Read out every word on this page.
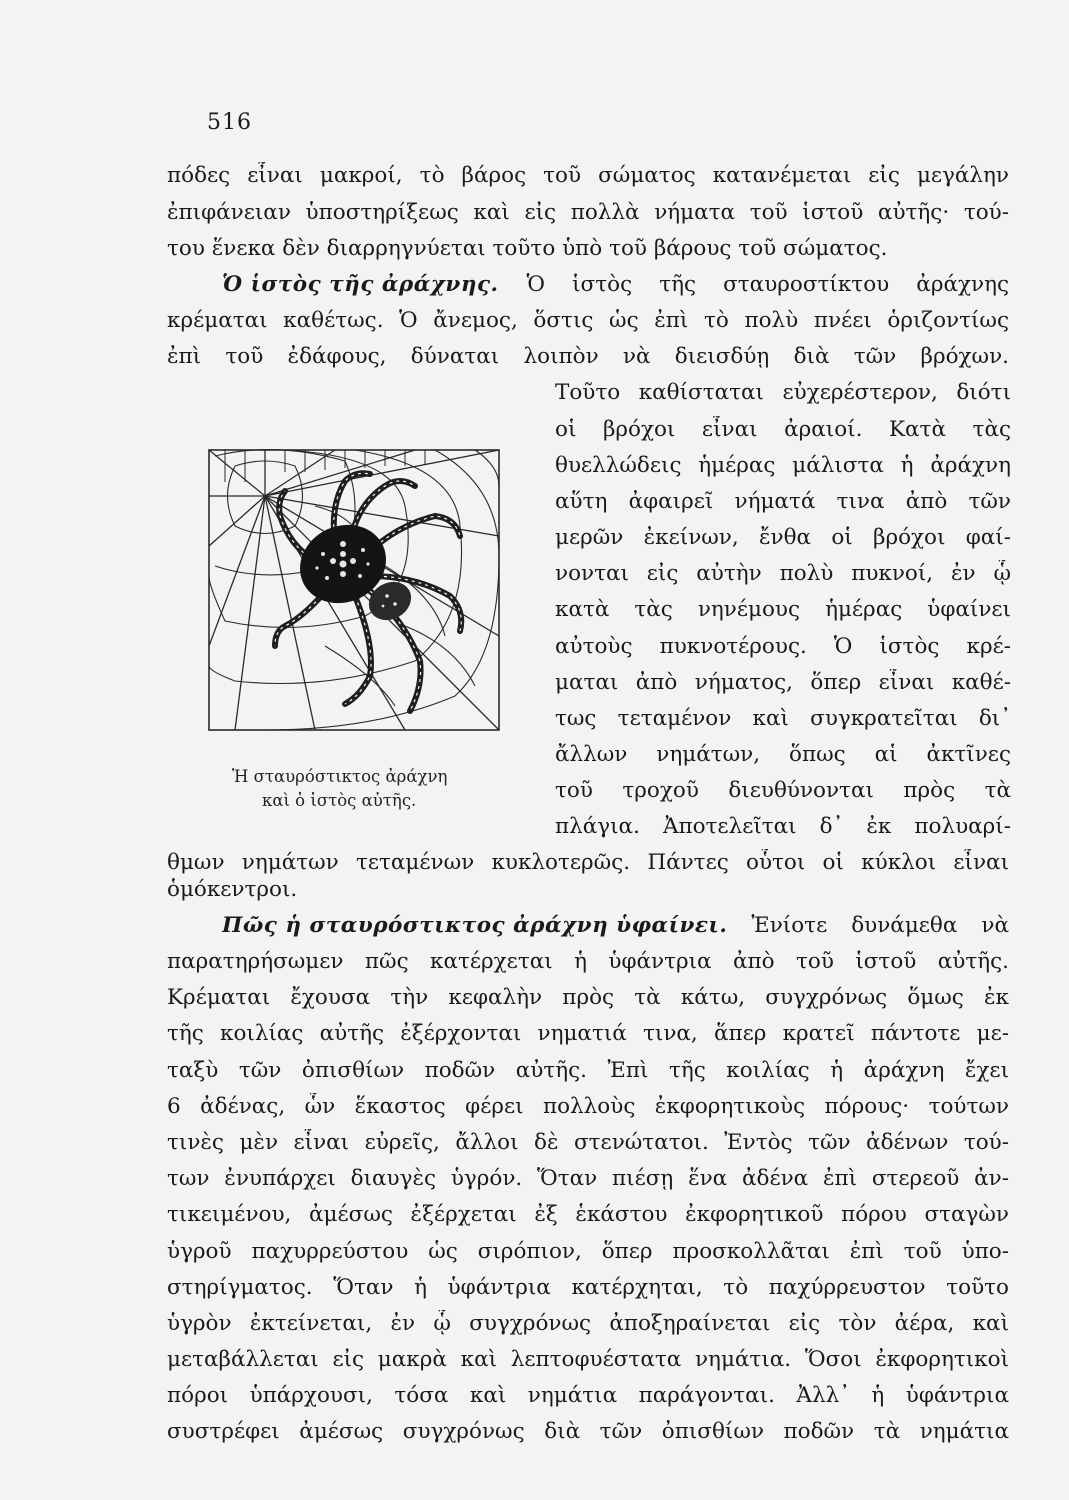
516
πόδες εἶναι μακροί, τὸ βάρος τοῦ σώματος κατανέμεται εἰς μεγάλην
ἐπιφάνειαν ὑποστηρίξεως καὶ εἰς πολλὰ νήματα τοῦ ἱστοῦ αὐτῆς· τού-
του ἕνεκα δὲν διαρρηγνύεται τοῦτο ὑπὸ τοῦ βάρους τοῦ σώματος.
Ὁ ἱστὸς τῆς ἀράχνης. Ὁ ἱστὸς τῆς σταυροστίκτου ἀράχνης
κρέμαται καθέτως. Ὁ ἄνεμος, ὅστις ὡς ἐπὶ τὸ πολὺ πνέει ὁριζοντίως
ἐπὶ τοῦ ἐδάφους, δύναται λοιπὸν νὰ διεισδύῃ διὰ τῶν βρόχων.
Τοῦτο καθίσταται εὐχερέστερον, διότι
οἱ βρόχοι εἶναι ἀραιοί. Κατὰ τὰς
θυελλώδεις ἡμέρας μάλιστα ἡ ἀράχνη
αὕτη ἀφαιρεῖ νήματά τινα ἀπὸ τῶν
μερῶν ἐκείνων, ἔνθα οἱ βρόχοι φαί-
νονται εἰς αὐτὴν πολὺ πυκνοί, ἐν ᾧ
κατὰ τὰς νηνέμους ἡμέρας ὑφαίνει
αὐτοὺς πυκνοτέρους. Ὁ ἱστὸς κρέ-
μαται ἀπὸ νήματος, ὅπερ εἶναι καθέ-
τως τεταμένον καὶ συγκρατεῖται δι᾽
ἄλλων νημάτων, ὅπως αἱ ἀκτῖνες
τοῦ τροχοῦ διευθύνονται πρὸς τὰ
πλάγια. Ἀποτελεῖται δ᾽ ἐκ πολυαρί-
Ἡ σταυρόστικτος ἀράχνη
καὶ ὁ ἱστὸς αὐτῆς.
θμων νημάτων τεταμένων κυκλοτερῶς. Πάντες οὗτοι οἱ κύκλοι εἶναι
ὁμόκεντροι.
Πῶς ἡ σταυρόστικτος ἀράχνη ὑφαίνει. Ἐνίοτε δυνάμεθα νὰ
παρατηρήσωμεν πῶς κατέρχεται ἡ ὑφάντρια ἀπὸ τοῦ ἱστοῦ αὐτῆς.
Κρέμαται ἔχουσα τὴν κεφαλὴν πρὸς τὰ κάτω, συγχρόνως ὅμως ἐκ
τῆς κοιλίας αὐτῆς ἐξέρχονται νηματιά τινα, ἅπερ κρατεῖ πάντοτε με-
ταξὺ τῶν ὀπισθίων ποδῶν αὐτῆς. Ἐπὶ τῆς κοιλίας ἡ ἀράχνη ἔχει
6 ἀδένας, ὧν ἕκαστος φέρει πολλοὺς ἐκφορητικοὺς πόρους· τούτων
τινὲς μὲν εἶναι εὐρεῖς, ἄλλοι δὲ στενώτατοι. Ἐντὸς τῶν ἀδένων τού-
των ἐνυπάρχει διαυγὲς ὑγρόν. Ὅταν πιέσῃ ἕνα ἀδένα ἐπὶ στερεοῦ ἀν-
τικειμένου, ἀμέσως ἐξέρχεται ἐξ ἑκάστου ἐκφορητικοῦ πόρου σταγὼν
ὑγροῦ παχυρρεύστου ὡς σιρόπιον, ὅπερ προσκολλᾶται ἐπὶ τοῦ ὑπο-
στηρίγματος. Ὅταν ἡ ὑφάντρια κατέρχηται, τὸ παχύρρευστον τοῦτο
ὑγρὸν ἐκτείνεται, ἐν ᾧ συγχρόνως ἀποξηραίνεται εἰς τὸν ἀέρα, καὶ
μεταβάλλεται εἰς μακρὰ καὶ λεπτοφυέστατα νημάτια. Ὅσοι ἐκφορητικοὶ
πόροι ὑπάρχουσι, τόσα καὶ νημάτια παράγονται. Ἀλλ᾽ ἡ ὑφάντρια
συστρέφει ἀμέσως συγχρόνως διὰ τῶν ὀπισθίων ποδῶν τὰ νημάτια
